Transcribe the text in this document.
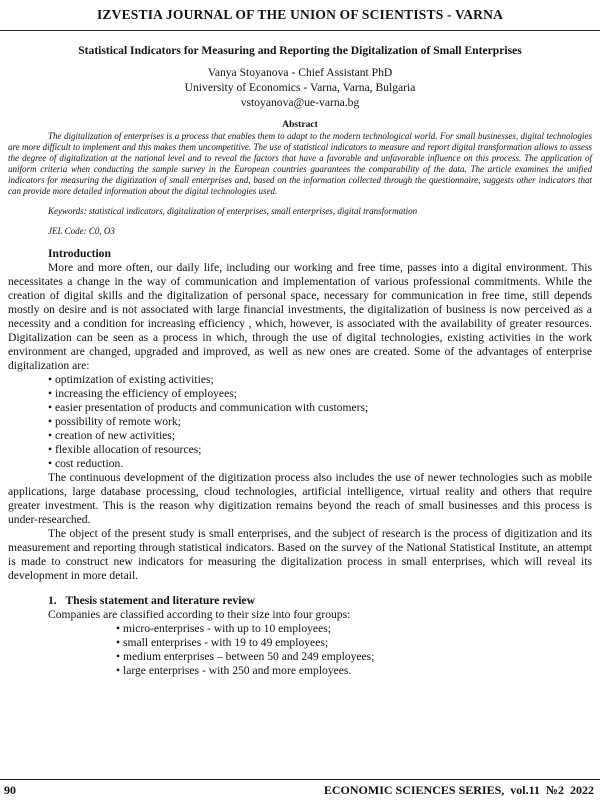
IZVESTIA JOURNAL OF THE UNION OF SCIENTISTS - VARNA
Statistical Indicators for Measuring and Reporting the Digitalization of Small Enterprises
Vanya Stoyanova - Chief Assistant PhD
University of Economics - Varna, Varna, Bulgaria
vstoyanova@ue-varna.bg
Abstract

The digitalization of enterprises is a process that enables them to adapt to the modern technological world. For small businesses, digital technologies are more difficult to implement and this makes them uncompetitive. The use of statistical indicators to measure and report digital transformation allows to assess the degree of digitalization at the national level and to reveal the factors that have a favorable and unfavorable influence on this process. The application of uniform criteria when conducting the sample survey in the European countries guarantees the comparability of the data. The article examines the unified indicators for measuring the digitization of small enterprises and, based on the information collected through the questionnaire, suggests other indicators that can provide more detailed information about the digital technologies used.

Keywords: statistical indicators, digitalization of enterprises, small enterprises, digital transformation

JEL Code: C0, O3

Introduction

More and more often, our daily life, including our working and free time, passes into a digital environment. This necessitates a change in the way of communication and implementation of various professional commitments. While the creation of digital skills and the digitalization of personal space, necessary for communication in free time, still depends mostly on desire and is not associated with large financial investments, the digitalization of business is now perceived as a necessity and a condition for increasing efficiency , which, however, is associated with the availability of greater resources. Digitalization can be seen as a process in which, through the use of digital technologies, existing activities in the work environment are changed, upgraded and improved, as well as new ones are created. Some of the advantages of enterprise digitalization are:

• optimization of existing activities;
• increasing the efficiency of employees;
• easier presentation of products and communication with customers;
• possibility of remote work;
• creation of new activities;
• flexible allocation of resources;
• cost reduction.

The continuous development of the digitization process also includes the use of newer technologies such as mobile applications, large database processing, cloud technologies, artificial intelligence, virtual reality and others that require greater investment. This is the reason why digitization remains beyond the reach of small businesses and this process is under-researched.

The object of the present study is small enterprises, and the subject of research is the process of digitization and its measurement and reporting through statistical indicators. Based on the survey of the National Statistical Institute, an attempt is made to construct new indicators for measuring the digitalization process in small enterprises, which will reveal its development in more detail.

1.   Thesis statement and literature review

Companies are classified according to their size into four groups:

• micro-enterprises - with up to 10 employees;
• small enterprises - with 19 to 49 employees;
• medium enterprises – between 50 and 249 employees;
• large enterprises - with 250 and more employees.
90	ECONOMIC SCIENCES SERIES,  vol.11  №2  2022
